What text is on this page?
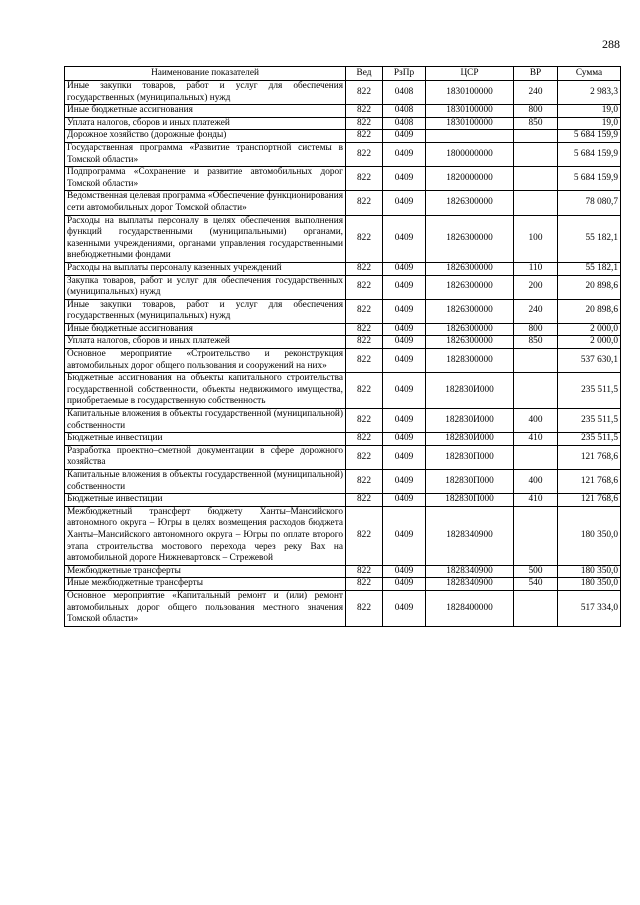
288
Наименование показателей	Вед	РзПр	ЦСР	ВР	Сумма
Иные закупки товаров, работ и услуг для обеспечения государственных (муниципальных) нужд	822	0408	1830100000	240	2 983,3
Иные бюджетные ассигнования	822	0408	1830100000	800	19,0
Уплата налогов, сборов и иных платежей	822	0408	1830100000	850	19,0
Дорожное хозяйство (дорожные фонды)	822	0409			5 684 159,9
Государственная программа «Развитие транспортной системы в Томской области»	822	0409	1800000000		5 684 159,9
Подпрограмма «Сохранение и развитие автомобильных дорог Томской области»	822	0409	1820000000		5 684 159,9
Ведомственная целевая программа «Обеспечение функционирования сети автомобильных дорог Томской области»	822	0409	1826300000		78 080,7
Расходы на выплаты персоналу в целях обеспечения выполнения функций государственными (муниципальными) органами, казенными учреждениями, органами управления государственными внебюджетными фондами	822	0409	1826300000	100	55 182,1
Расходы на выплаты персоналу казенных учреждений	822	0409	1826300000	110	55 182,1
Закупка товаров, работ и услуг для обеспечения государственных (муниципальных) нужд	822	0409	1826300000	200	20 898,6
Иные закупки товаров, работ и услуг для обеспечения государственных (муниципальных) нужд	822	0409	1826300000	240	20 898,6
Иные бюджетные ассигнования	822	0409	1826300000	800	2 000,0
Уплата налогов, сборов и иных платежей	822	0409	1826300000	850	2 000,0
Основное мероприятие «Строительство и реконструкция автомобильных дорог общего пользования и сооружений на них»	822	0409	1828300000		537 630,1
Бюджетные ассигнования на объекты капитального строительства государственной собственности, объекты недвижимого имущества, приобретаемые в государственную собственность	822	0409	182830И000		235 511,5
Капитальные вложения в объекты государственной (муниципальной) собственности	822	0409	182830И000	400	235 511,5
Бюджетные инвестиции	822	0409	182830И000	410	235 511,5
Разработка проектно–сметной документации в сфере дорожного хозяйства	822	0409	182830П000		121 768,6
Капитальные вложения в объекты государственной (муниципальной) собственности	822	0409	182830П000	400	121 768,6
Бюджетные инвестиции	822	0409	182830П000	410	121 768,6
Межбюджетный трансферт бюджету Ханты–Мансийского автономного округа – Югры в целях возмещения расходов бюджета Ханты–Мансийского автономного округа – Югры по оплате второго этапа строительства мостового перехода через реку Вах на автомобильной дороге Нижневартовск – Стрежевой	822	0409	1828340900		180 350,0
Межбюджетные трансферты	822	0409	1828340900	500	180 350,0
Иные межбюджетные трансферты	822	0409	1828340900	540	180 350,0
Основное мероприятие «Капитальный ремонт и (или) ремонт автомобильных дорог общего пользования местного значения Томской области»	822	0409	1828400000		517 334,0
